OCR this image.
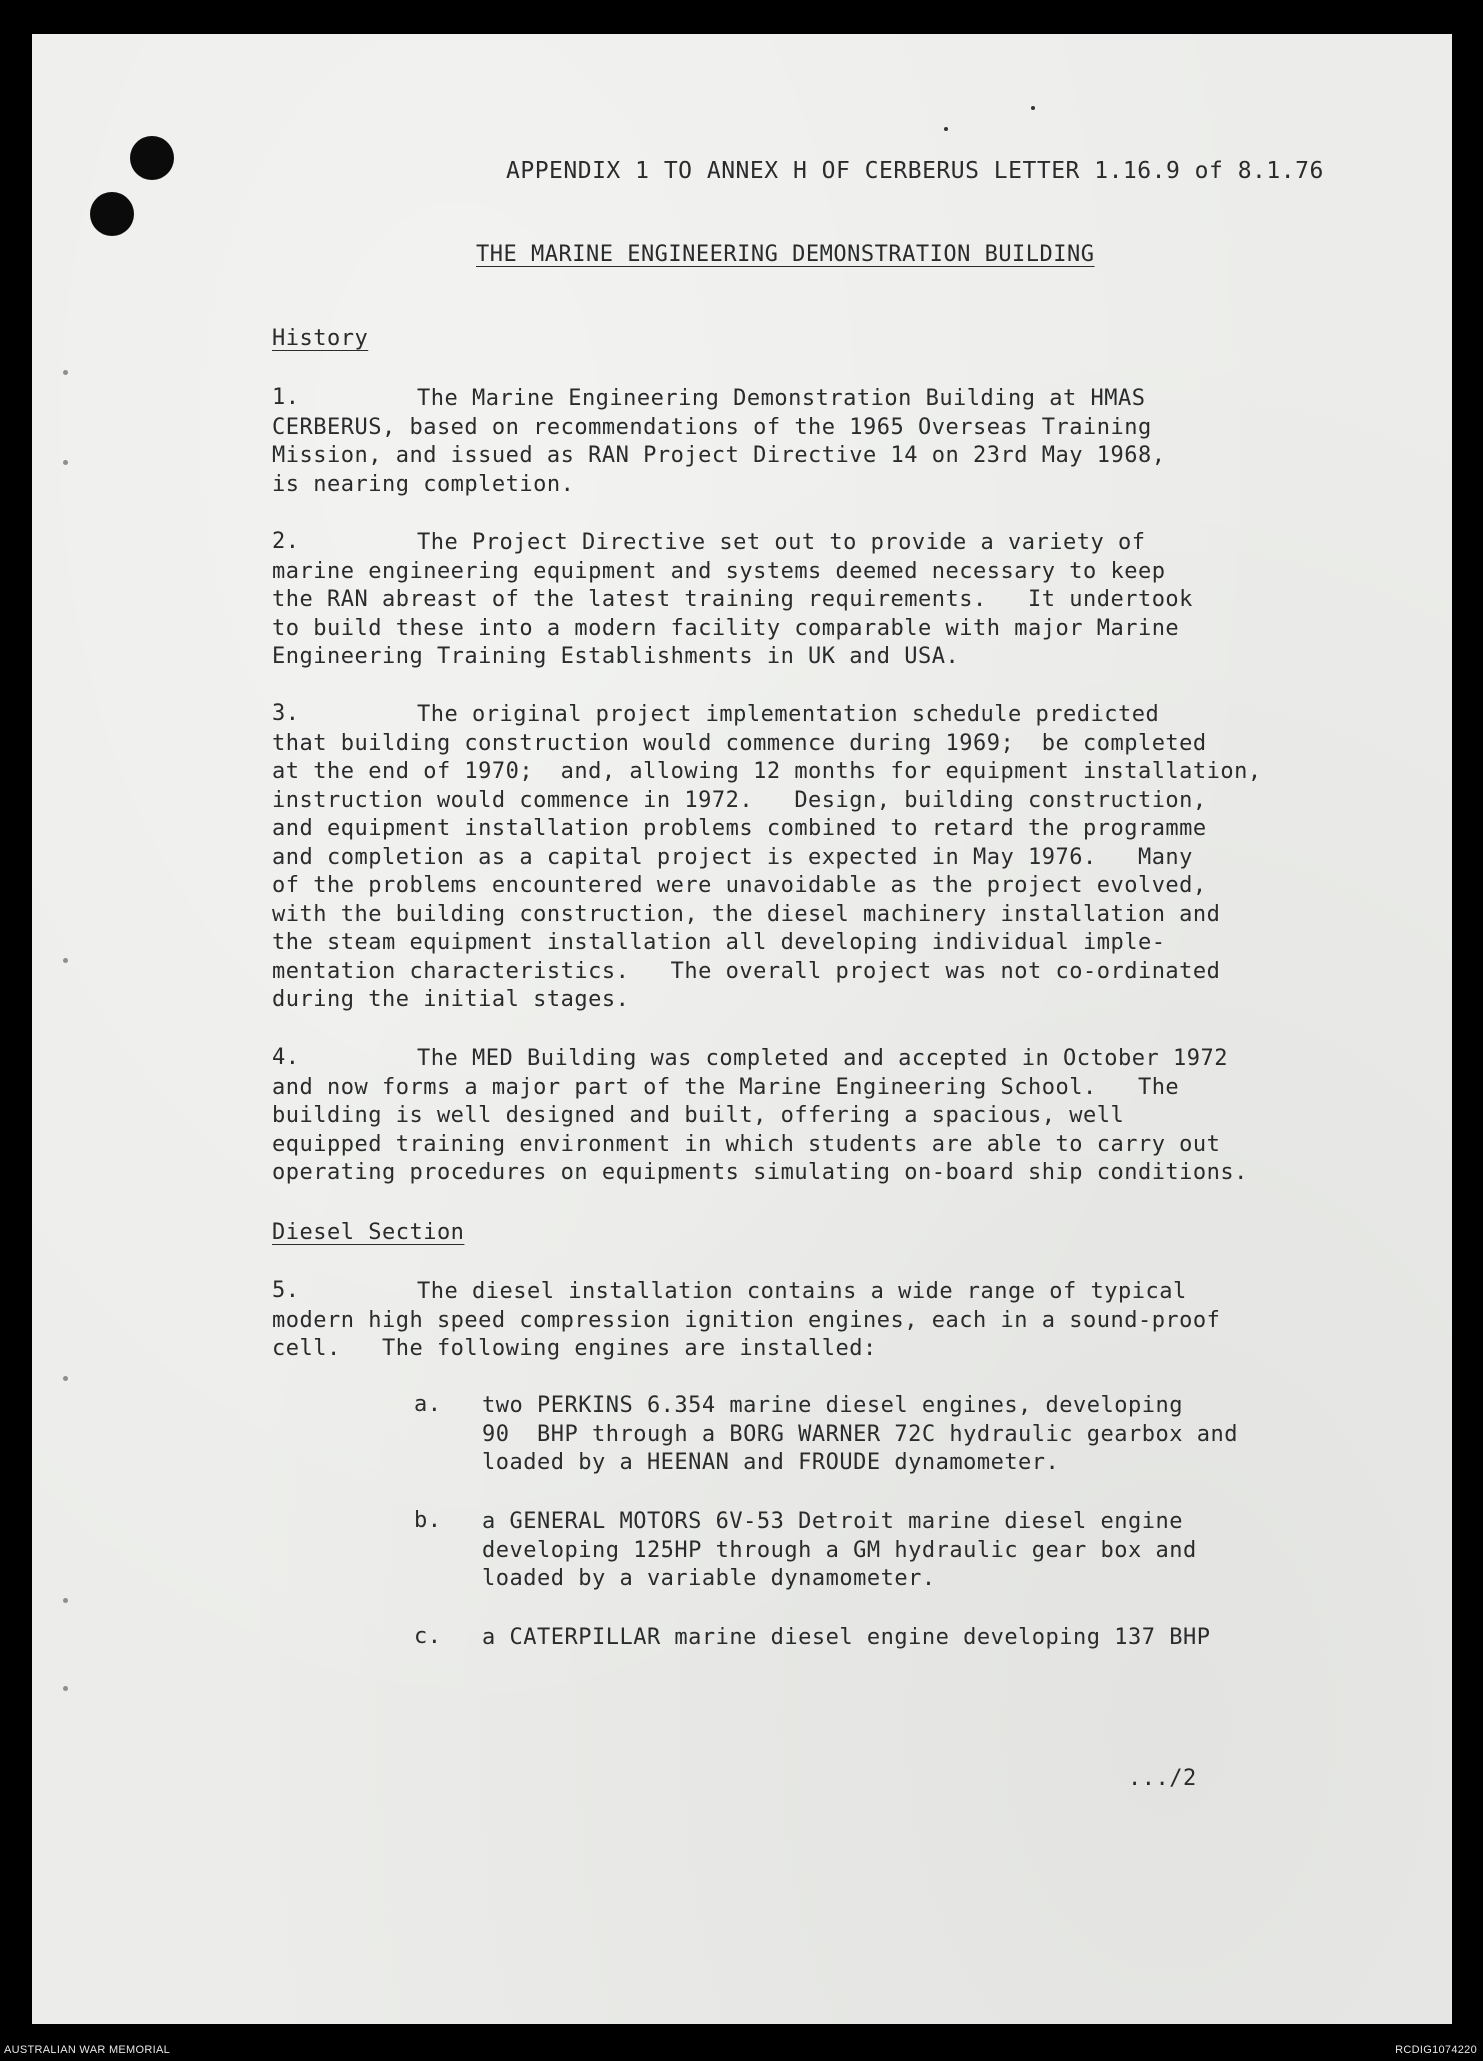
APPENDIX 1 TO ANNEX H OF CERBERUS LETTER 1.16.9 of 8.1.76
THE MARINE ENGINEERING DEMONSTRATION BUILDING
History
1.	The Marine Engineering Demonstration Building at HMAS
CERBERUS, based on recommendations of the 1965 Overseas Training
Mission, and issued as RAN Project Directive 14 on 23rd May 1968,
is nearing completion.
2.	The Project Directive set out to provide a variety of
marine engineering equipment and systems deemed necessary to keep
the RAN abreast of the latest training requirements.   It undertook
to build these into a modern facility comparable with major Marine
Engineering Training Establishments in UK and USA.
3.	The original project implementation schedule predicted
that building construction would commence during 1969;  be completed
at the end of 1970;  and, allowing 12 months for equipment installation,
instruction would commence in 1972.   Design, building construction,
and equipment installation problems combined to retard the programme
and completion as a capital project is expected in May 1976.   Many
of the problems encountered were unavoidable as the project evolved,
with the building construction, the diesel machinery installation and
the steam equipment installation all developing individual imple-
mentation characteristics.   The overall project was not co-ordinated
during the initial stages.
4.	The MED Building was completed and accepted in October 1972
and now forms a major part of the Marine Engineering School.   The
building is well designed and built, offering a spacious, well
equipped training environment in which students are able to carry out
operating procedures on equipments simulating on-board ship conditions.
Diesel Section
5.	The diesel installation contains a wide range of typical
modern high speed compression ignition engines, each in a sound-proof
cell.   The following engines are installed:
a. two PERKINS 6.354 marine diesel engines, developing
90  BHP through a BORG WARNER 72C hydraulic gearbox and
loaded by a HEENAN and FROUDE dynamometer.
b. a GENERAL MOTORS 6V-53 Detroit marine diesel engine
developing 125HP through a GM hydraulic gear box and
loaded by a variable dynamometer.
c. a CATERPILLAR marine diesel engine developing 137 BHP
.../2
AUSTRALIAN WAR MEMORIAL	RCDIG1074220
